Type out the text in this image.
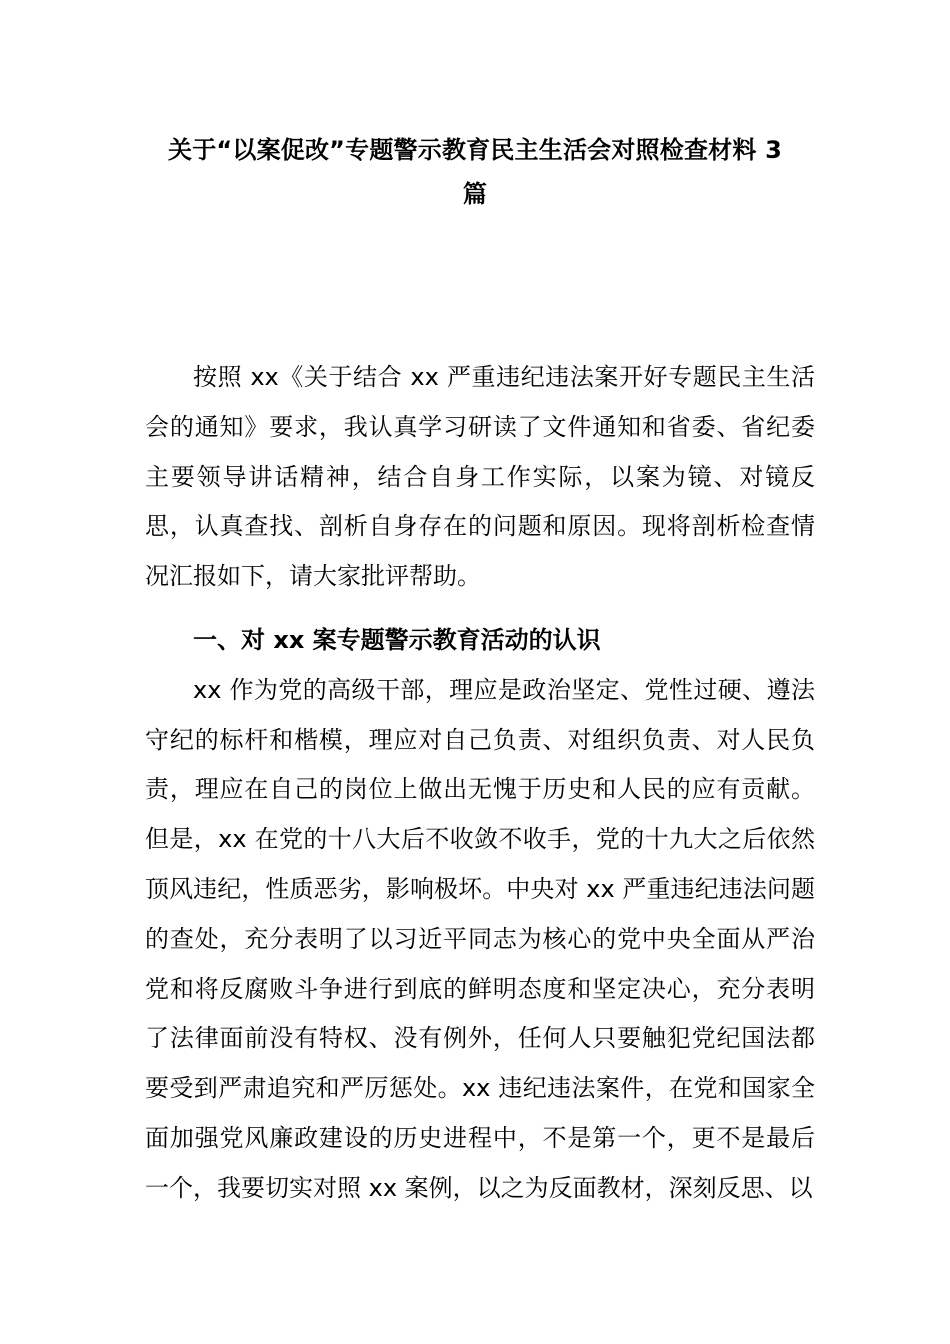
关于“以案促改”专题警示教育民主生活会对照检查材料 3
篇

按照 xx《关于结合 xx 严重违纪违法案开好专题民主生活会的通知》要求，我认真学习研读了文件通知和省委、省纪委主要领导讲话精神，结合自身工作实际，以案为镜、对镜反思，认真查找、剖析自身存在的问题和原因。现将剖析检查情况汇报如下，请大家批评帮助。

一、对 xx 案专题警示教育活动的认识

xx 作为党的高级干部，理应是政治坚定、党性过硬、遵法守纪的标杆和楷模，理应对自己负责、对组织负责、对人民负责，理应在自己的岗位上做出无愧于历史和人民的应有贡献。但是，xx 在党的十八大后不收敛不收手，党的十九大之后依然顶风违纪，性质恶劣，影响极坏。中央对 xx 严重违纪违法问题的查处，充分表明了以习近平同志为核心的党中央全面从严治党和将反腐败斗争进行到底的鲜明态度和坚定决心，充分表明了法律面前没有特权、没有例外，任何人只要触犯党纪国法都要受到严肃追究和严厉惩处。xx 违纪违法案件，在党和国家全面加强党风廉政建设的历史进程中，不是第一个，更不是最后一个，我要切实对照 xx 案例，以之为反面教材，深刻反思、以
